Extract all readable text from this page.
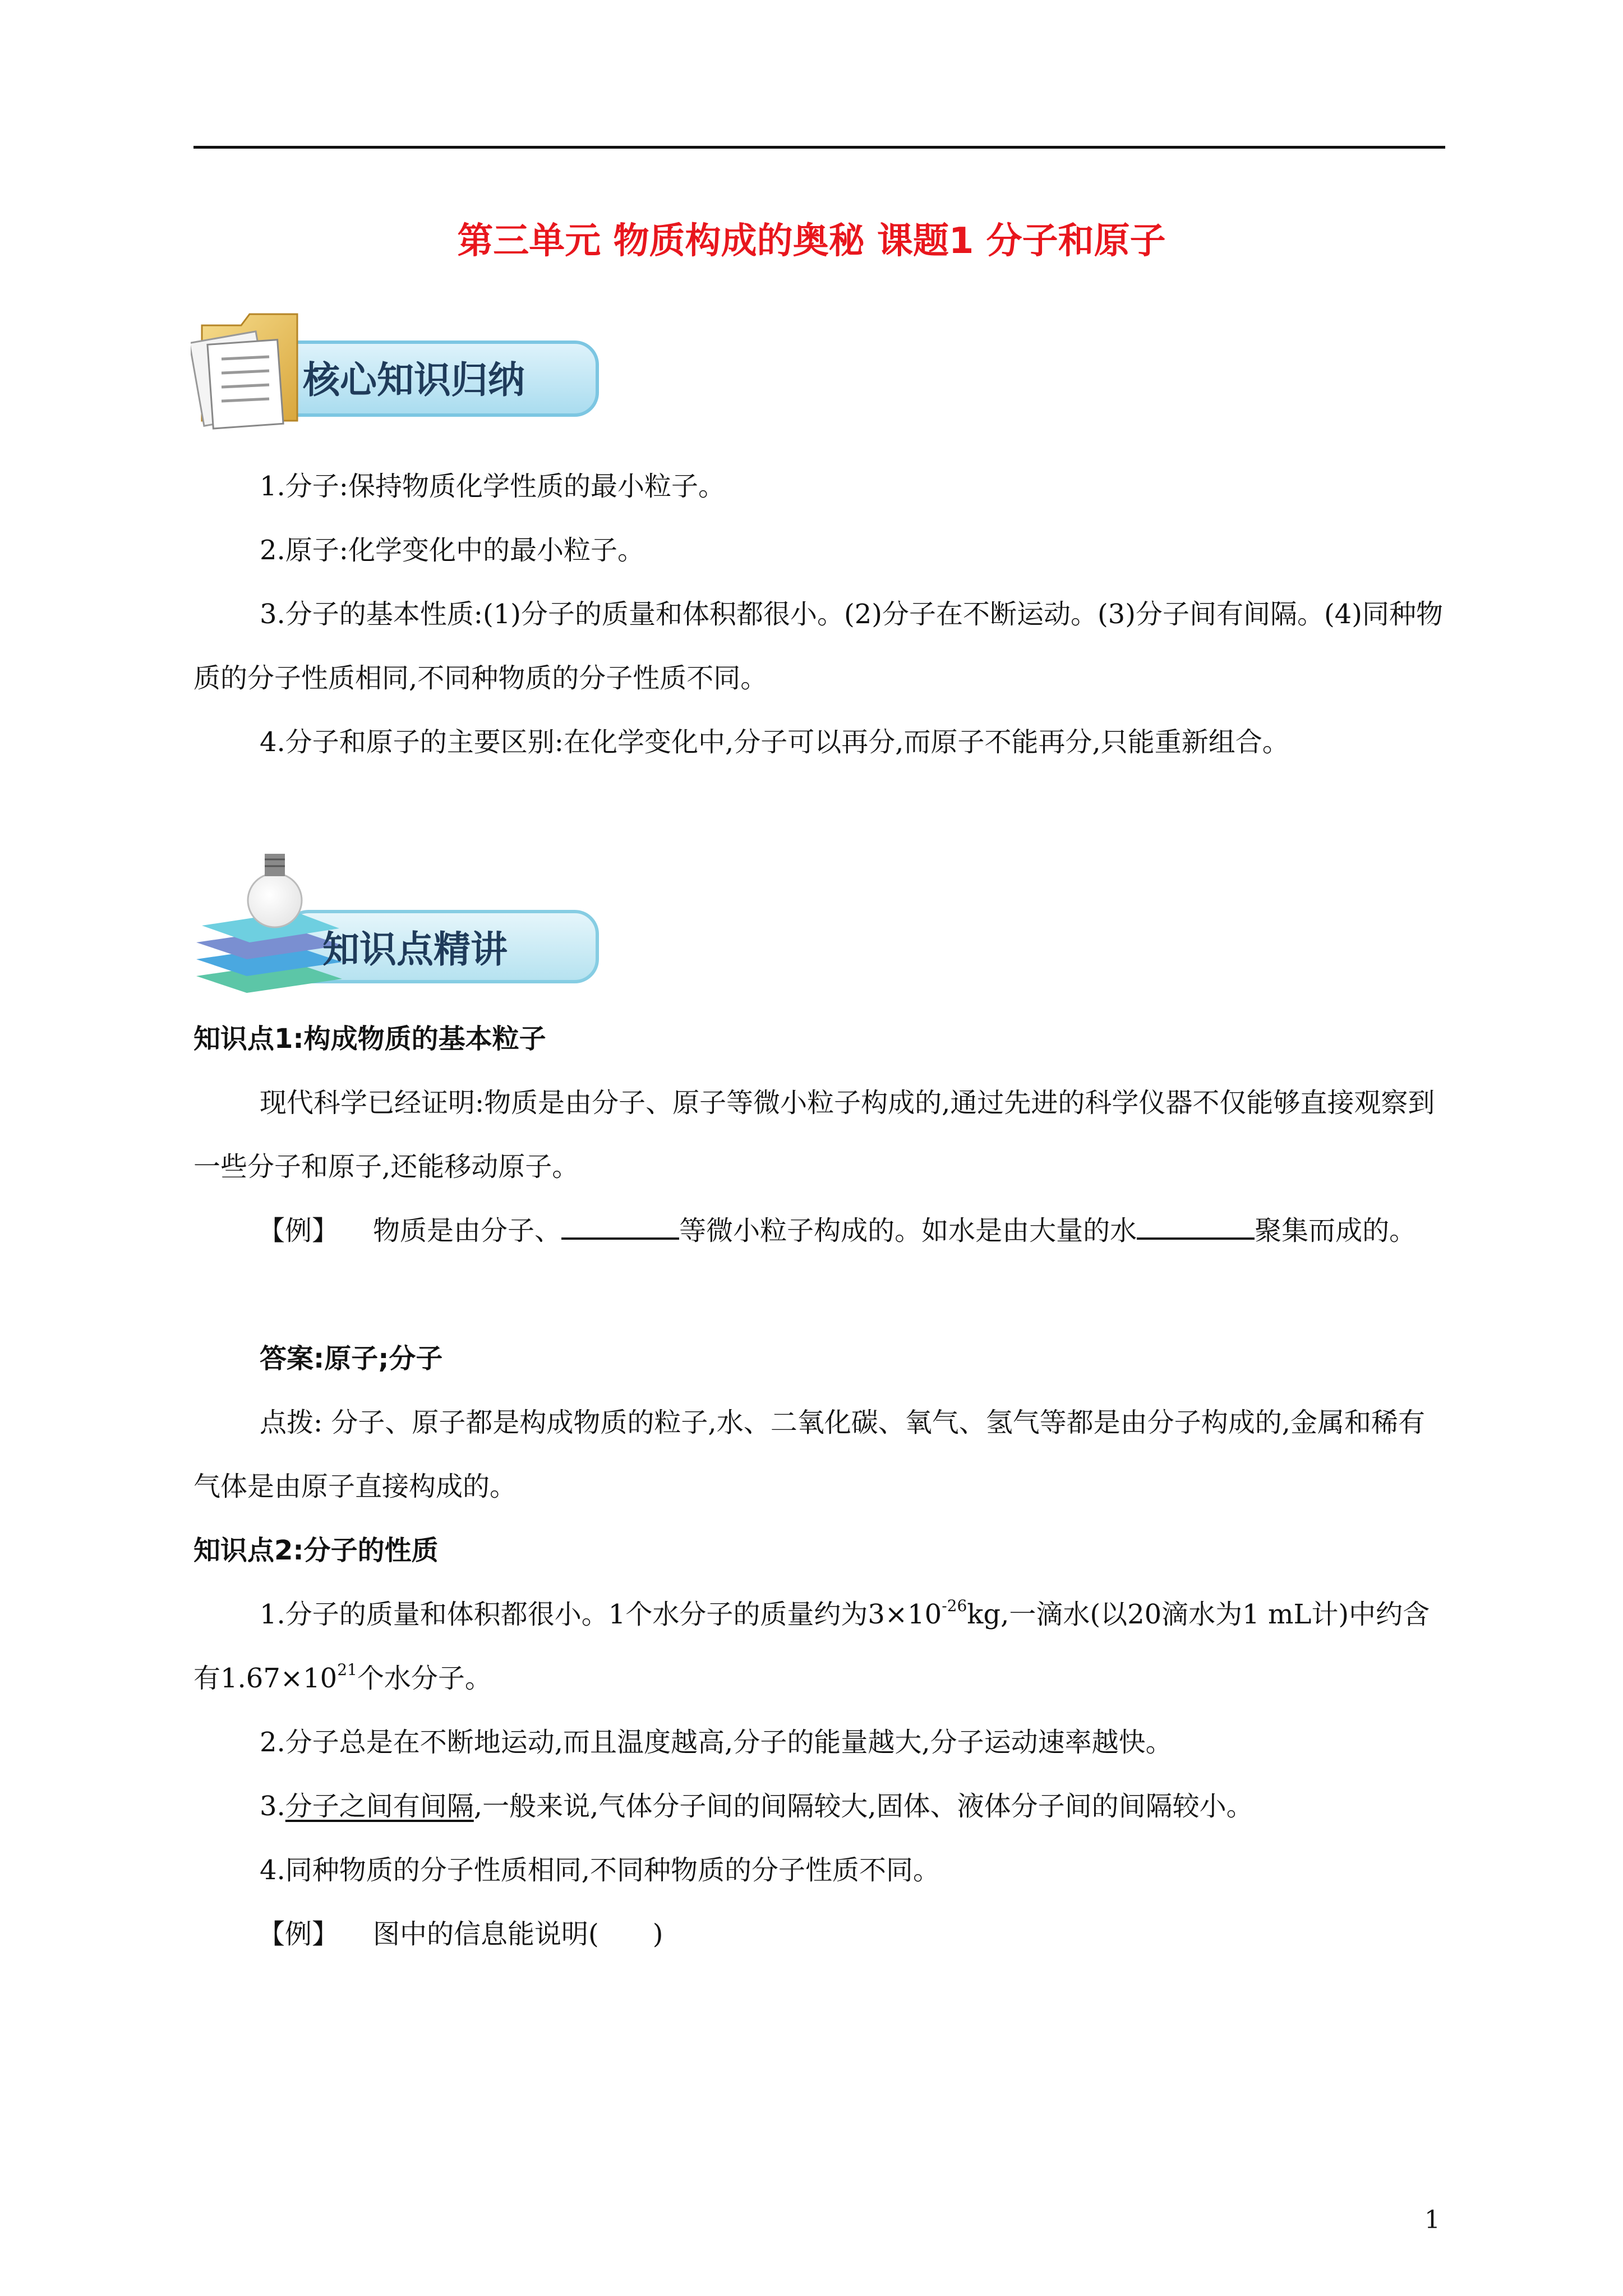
第三单元 物质构成的奥秘 课题1 分子和原子
核心知识归纳
1.分子:保持物质化学性质的最小粒子。
2.原子:化学变化中的最小粒子。
3.分子的基本性质:(1)分子的质量和体积都很小。(2)分子在不断运动。(3)分子间有间隔。(4)同种物质的分子性质相同,不同种物质的分子性质不同。
4.分子和原子的主要区别:在化学变化中,分子可以再分,而原子不能再分,只能重新组合。
知识点精讲
知识点1:构成物质的基本粒子
现代科学已经证明:物质是由分子、原子等微小粒子构成的,通过先进的科学仪器不仅能够直接观察到一些分子和原子,还能移动原子。
【例】 物质是由分子、	等微小粒子构成的。如水是由大量的水	聚集而成的。
答案:原子;分子
点拨: 分子、原子都是构成物质的粒子,水、二氧化碳、氧气、氢气等都是由分子构成的,金属和稀有气体是由原子直接构成的。
知识点2:分子的性质
1.分子的质量和体积都很小。1个水分子的质量约为$3\times 10^{-26}kg$,一滴水(以20滴水为1 mL计)中约含有$1.67\times 10^{21}$个水分子。
2.分子总是在不断地运动,而且温度越高,分子的能量越大,分子运动速率越快。
3.分子之间有间隔,一般来说,气体分子间的间隔较大,固体、液体分子间的间隔较小。
4.同种物质的分子性质相同,不同种物质的分子性质不同。
【例】 图中的信息能说明(　　)
1
